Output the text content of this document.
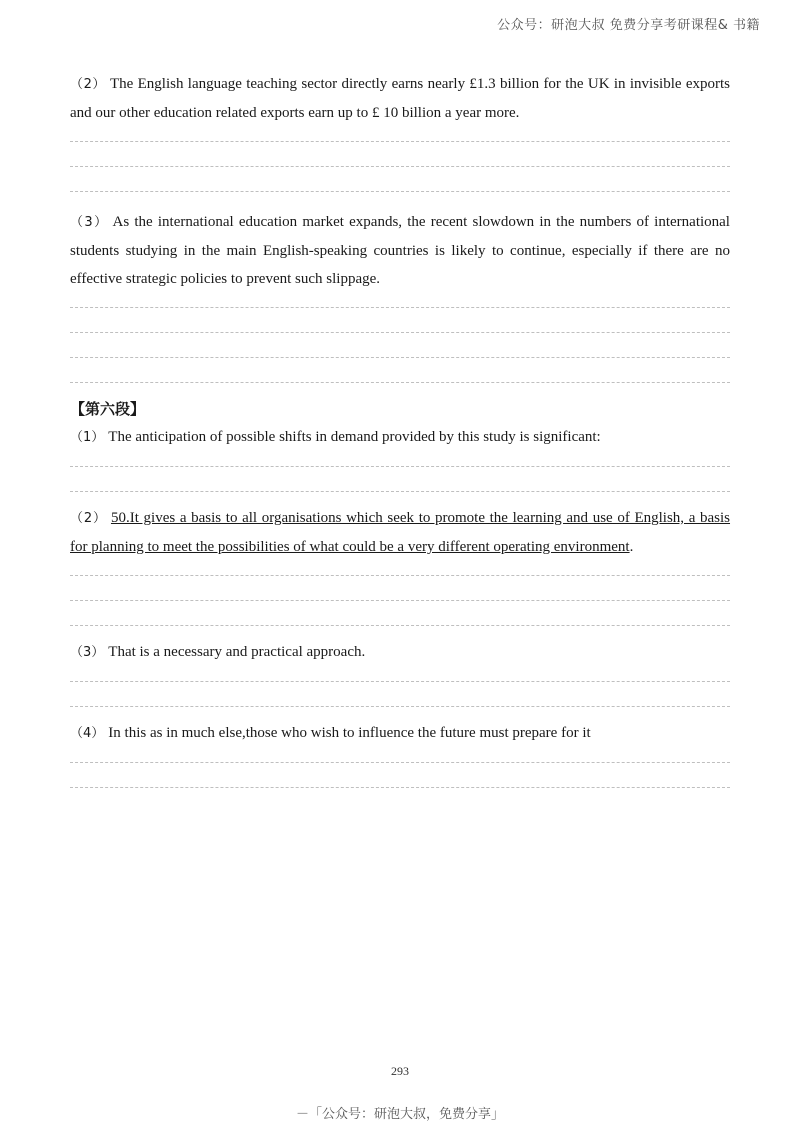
公众号：研泡大叔 免费分享考研课程& 书籍

（2） The English language teaching sector directly earns nearly £1.3 billion for the UK in invisible exports and our other education related exports earn up to £ 10 billion a year more.

（3） As the international education market expands, the recent slowdown in the numbers of international students studying in the main English-speaking countries is likely to continue, especially if there are no effective strategic policies to prevent such slippage.

【第六段】

（1） The anticipation of possible shifts in demand provided by this study is significant:

（2） 50.It gives a basis to all organisations which seek to promote the learning and use of English, a basis for planning to meet the possibilities of what could be a very different operating environment.

（3） That is a necessary and practical approach.

（4） In this as in much else,those who wish to influence the future must prepare for it

293
－「公众号：研泡大叔，免费分享」
